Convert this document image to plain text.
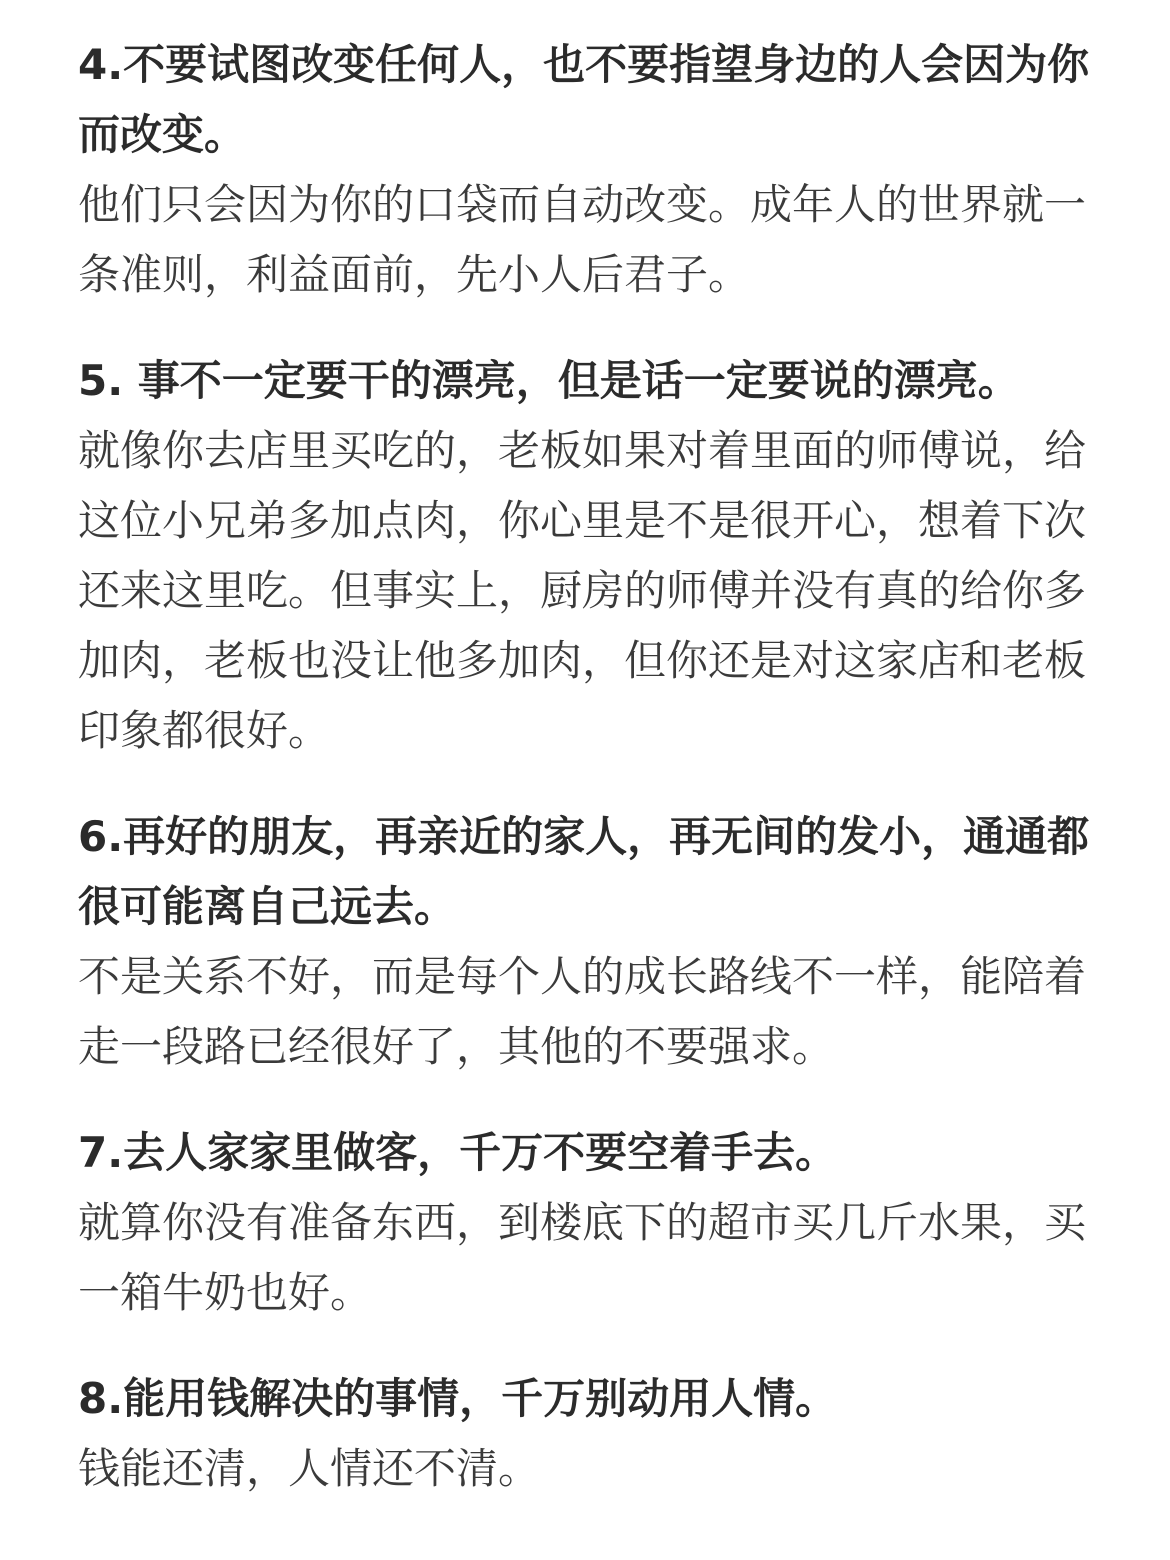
4.不要试图改变任何人，也不要指望身边的人会因为你而改变。

他们只会因为你的口袋而自动改变。成年人的世界就一条准则，利益面前，先小人后君子。

5. 事不一定要干的漂亮，但是话一定要说的漂亮。

就像你去店里买吃的，老板如果对着里面的师傅说，给这位小兄弟多加点肉，你心里是不是很开心，想着下次还来这里吃。但事实上，厨房的师傅并没有真的给你多加肉，老板也没让他多加肉，但你还是对这家店和老板印象都很好。

6.再好的朋友，再亲近的家人，再无间的发小，通通都很可能离自己远去。

不是关系不好，而是每个人的成长路线不一样，能陪着走一段路已经很好了，其他的不要强求。

7.去人家家里做客，千万不要空着手去。

就算你没有准备东西，到楼底下的超市买几斤水果，买一箱牛奶也好。

8.能用钱解决的事情，千万别动用人情。

钱能还清，人情还不清。
